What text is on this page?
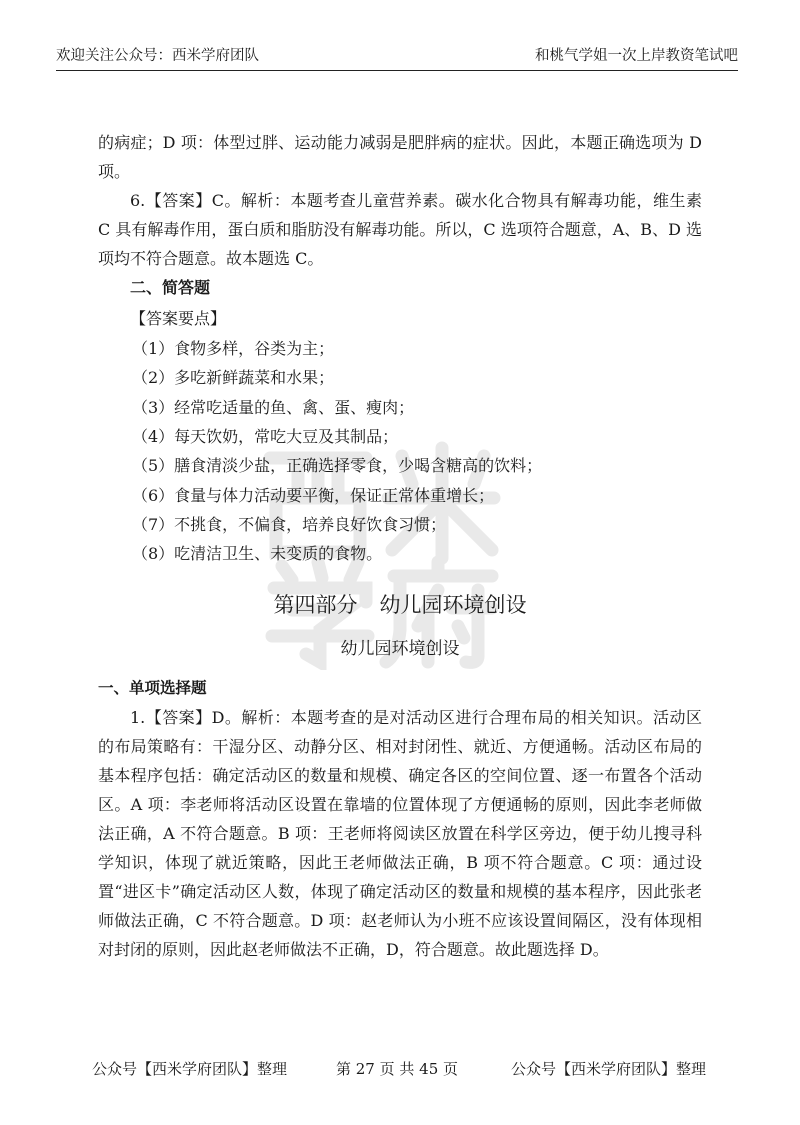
欢迎关注公众号：西米学府团队	和桃气学姐一次上岸教资笔试吧
的病症；D 项：体型过胖、运动能力减弱是肥胖病的症状。因此，本题正确选项为 D 项。
6.【答案】C。解析：本题考查儿童营养素。碳水化合物具有解毒功能，维生素 C 具有解毒作用，蛋白质和脂肪没有解毒功能。所以，C 选项符合题意，A、B、D 选项均不符合题意。故本题选 C。
二、简答题
【答案要点】
（1）食物多样，谷类为主；
（2）多吃新鲜蔬菜和水果；
（3）经常吃适量的鱼、禽、蛋、瘦肉；
（4）每天饮奶，常吃大豆及其制品；
（5）膳食清淡少盐，正确选择零食，少喝含糖高的饮料；
（6）食量与体力活动要平衡，保证正常体重增长；
（7）不挑食，不偏食，培养良好饮食习惯；
（8）吃清洁卫生、未变质的食物。
第四部分 幼儿园环境创设
幼儿园环境创设
一、单项选择题
1.【答案】D。解析：本题考查的是对活动区进行合理布局的相关知识。活动区的布局策略有：干湿分区、动静分区、相对封闭性、就近、方便通畅。活动区布局的基本程序包括：确定活动区的数量和规模、确定各区的空间位置、逐一布置各个活动区。A 项：李老师将活动区设置在靠墙的位置体现了方便通畅的原则，因此李老师做法正确，A 不符合题意。B 项：王老师将阅读区放置在科学区旁边，便于幼儿搜寻科学知识，体现了就近策略，因此王老师做法正确，B 项不符合题意。C 项：通过设置“进区卡”确定活动区人数，体现了确定活动区的数量和规模的基本程序，因此张老师做法正确，C 不符合题意。D 项：赵老师认为小班不应该设置间隔区，没有体现相对封闭的原则，因此赵老师做法不正确，D，符合题意。故此题选择 D。
公众号【西米学府团队】整理	第 27 页 共 45 页	公众号【西米学府团队】整理
